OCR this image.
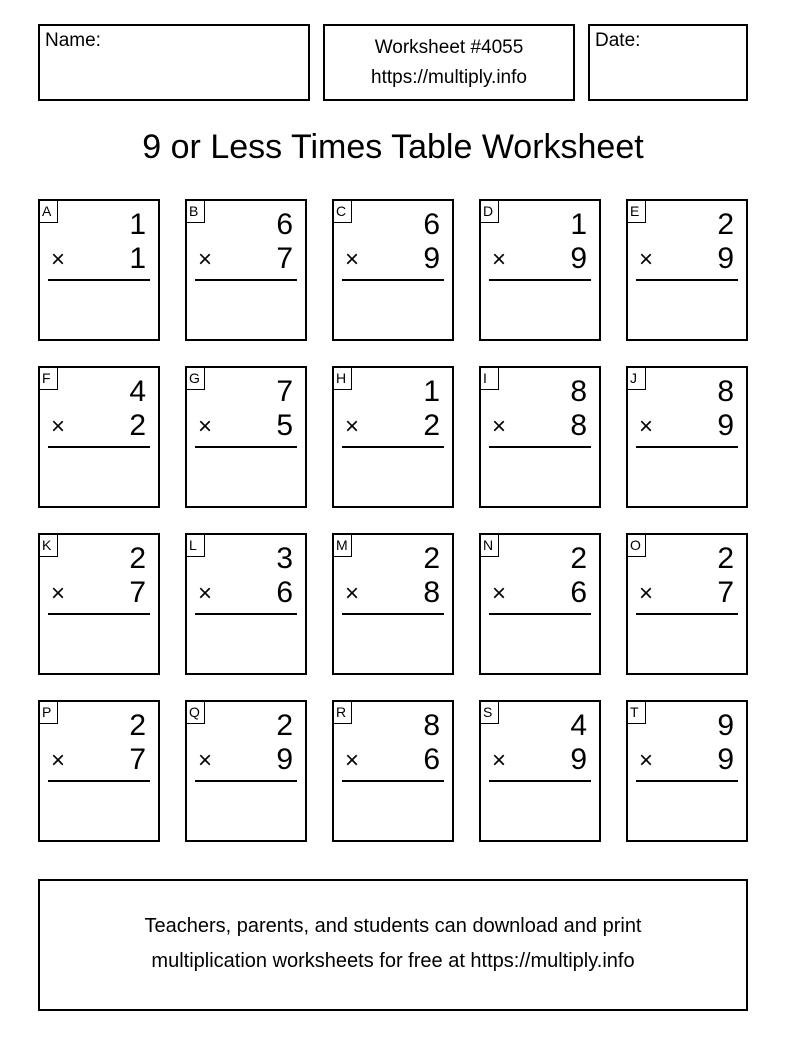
Name:	Worksheet #4055
https://multiply.info
Date:
9 or Less Times Table Worksheet
A	1
× 1
B	6
× 7
C	6
× 9
D	1
× 9
E	2
× 9
F	4
× 2
G	7
× 5
H	1
× 2
I	8
× 8
J	8
× 9
K	2
× 7
L	3
× 6
M	2
× 8
N	2
× 6
O	2
× 7
P	2
× 7
Q	2
× 9
R	8
× 6
S	4
× 9
T	9
× 9
Teachers, parents, and students can download and print
multiplication worksheets for free at https://multiply.info
